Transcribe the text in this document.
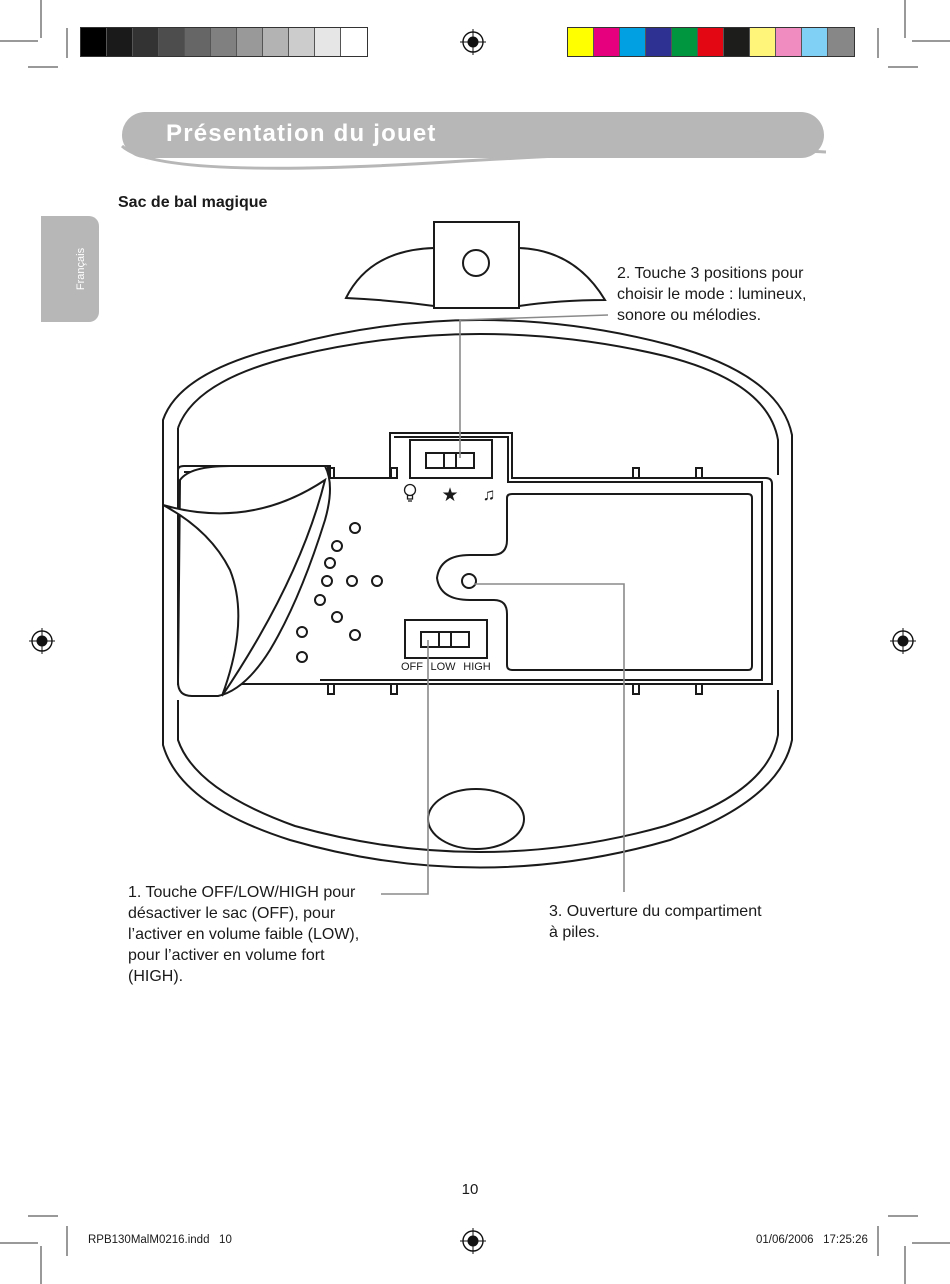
Présentation du jouet
Français
Sac de bal magique
★ ♫
OFF LOW HIGH
2. Touche 3 positions pour
choisir le mode : lumineux,
sonore ou mélodies.
1. Touche OFF/LOW/HIGH pour
désactiver le sac (OFF), pour
l’activer en volume faible (LOW),
pour l’activer en volume fort
(HIGH).
3. Ouverture du compartiment
à piles.
10
RPB130MalM0216.indd   10	01/06/2006   17:25:26
